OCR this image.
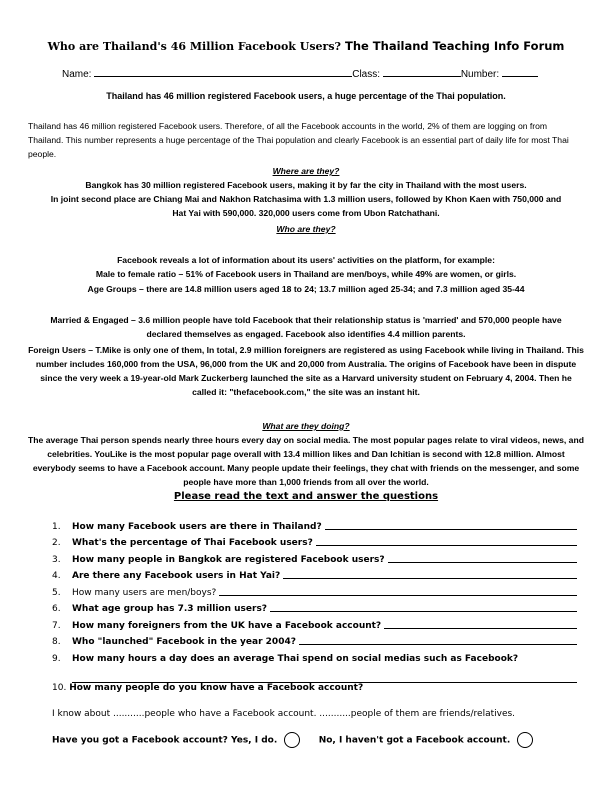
Who are Thailand's 46 Million Facebook Users? The Thailand Teaching Info Forum
Name:	Class:	Number:
Thailand has 46 million registered Facebook users, a huge percentage of the Thai population.
Thailand has 46 million registered Facebook users. Therefore, of all the Facebook accounts in the world, 2% of them are logging on from Thailand. This number represents a huge percentage of the Thai population and clearly Facebook is an essential part of daily life for most Thai people.
Where are they?
Bangkok has 30 million registered Facebook users, making it by far the city in Thailand with the most users.
In joint second place are Chiang Mai and Nakhon Ratchasima with 1.3 million users, followed by Khon Kaen with 750,000 and Hat Yai with 590,000. 320,000 users come from Ubon Ratchathani.
Who are they?
Facebook reveals a lot of information about its users' activities on the platform, for example:
Male to female ratio – 51% of Facebook users in Thailand are men/boys, while 49% are women, or girls.
Age Groups – there are 14.8 million users aged 18 to 24; 13.7 million aged 25-34; and 7.3 million aged 35-44
Married & Engaged – 3.6 million people have told Facebook that their relationship status is 'married' and 570,000 people have declared themselves as engaged. Facebook also identifies 4.4 million parents.
Foreign Users – T.Mike is only one of them, In total, 2.9 million foreigners are registered as using Facebook while living in Thailand. This number includes 160,000 from the USA, 96,000 from the UK and 20,000 from Australia. The origins of Facebook have been in dispute since the very week a 19-year-old Mark Zuckerberg launched the site as a Harvard university student on February 4, 2004. Then he called it: "thefacebook.com," the site was an instant hit.
What are they doing?
The average Thai person spends nearly three hours every day on social media. The most popular pages relate to viral videos, news, and celebrities. YouLike is the most popular page overall with 13.4 million likes and Dan Ichitian is second with 12.8 million. Almost everybody seems to have a Facebook account. Many people update their feelings, they chat with friends on the messenger, and some people have more than 1,000 friends from all over the world.
Please read the text and answer the questions
1.	How many Facebook users are there in Thailand?
2.	What's the percentage of Thai Facebook users?
3.	How many people in Bangkok are registered Facebook users?
4.	Are there any Facebook users in Hat Yai?
5.	How many users are men/boys?
6.	What age group has 7.3 million users?
7.	How many foreigners from the UK have a Facebook account?
8.	Who "launched" Facebook in the year 2004?
9.	How many hours a day does an average Thai spend on social medias such as Facebook?
10. How many people do you know have a Facebook account?
I know about ...........people who have a Facebook account. ...........people of them are friends/relatives.
Have you got a Facebook account? Yes, I do.	No, I haven't got a Facebook account.
